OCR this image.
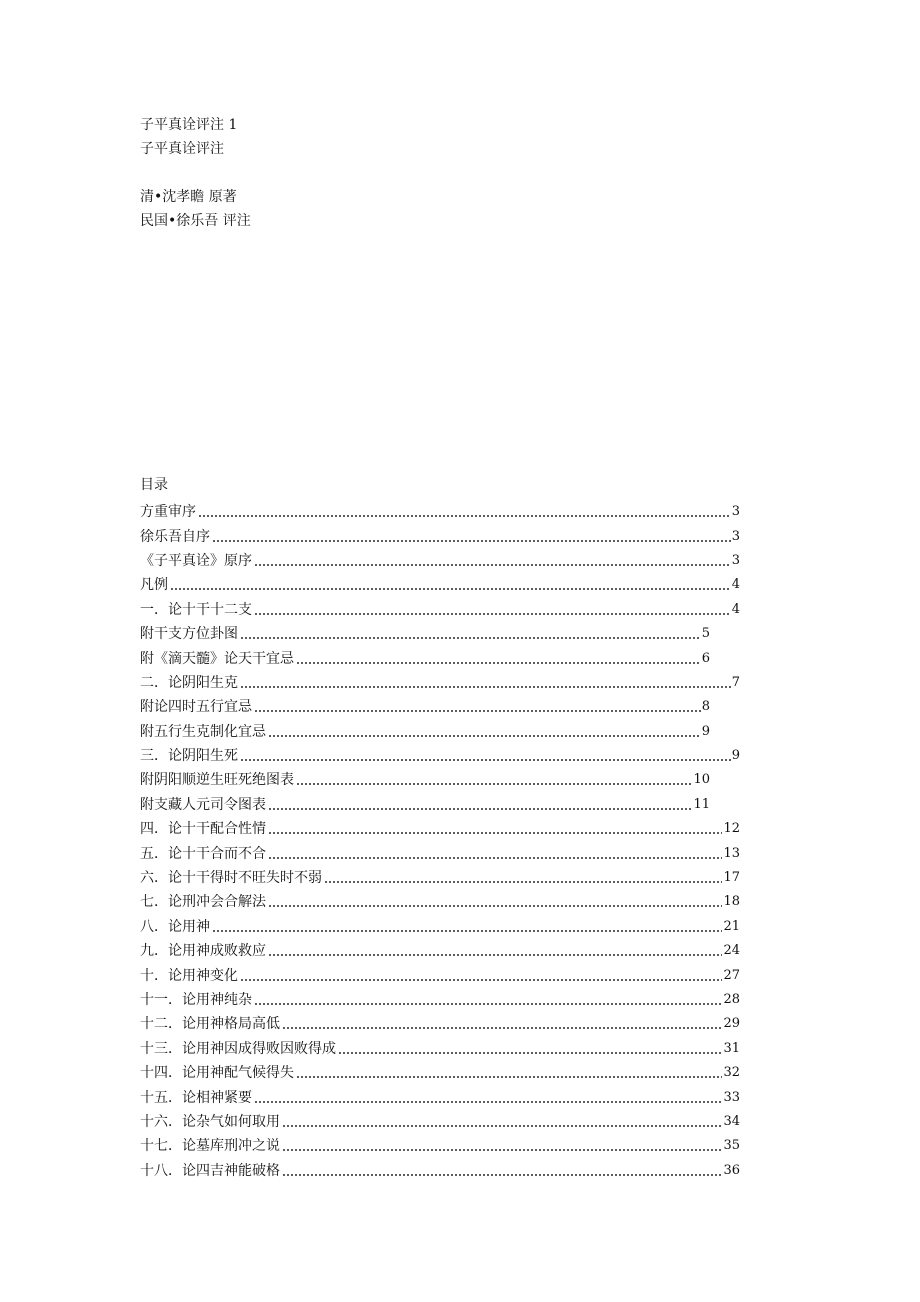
子平真诠评注 1
子平真诠评注
清•沈孝瞻 原著
民国•徐乐吾 评注
目录
方重审序	3
徐乐吾自序	3
《子平真诠》原序	3
凡例	4
一．论十干十二支	4
附干支方位卦图	5
附《滴天髓》论天干宜忌	6
二．论阴阳生克	7
附论四时五行宜忌	8
附五行生克制化宜忌	9
三．论阴阳生死	9
附阴阳顺逆生旺死绝图表	10
附支藏人元司令图表	11
四．论十干配合性情	12
五．论十干合而不合	13
六．论十干得时不旺失时不弱	17
七．论刑冲会合解法	18
八．论用神	21
九．论用神成败救应	24
十．论用神变化	27
十一．论用神纯杂	28
十二．论用神格局高低	29
十三．论用神因成得败因败得成	31
十四．论用神配气候得失	32
十五．论相神紧要	33
十六．论杂气如何取用	34
十七．论墓库刑冲之说	35
十八．论四吉神能破格	36
